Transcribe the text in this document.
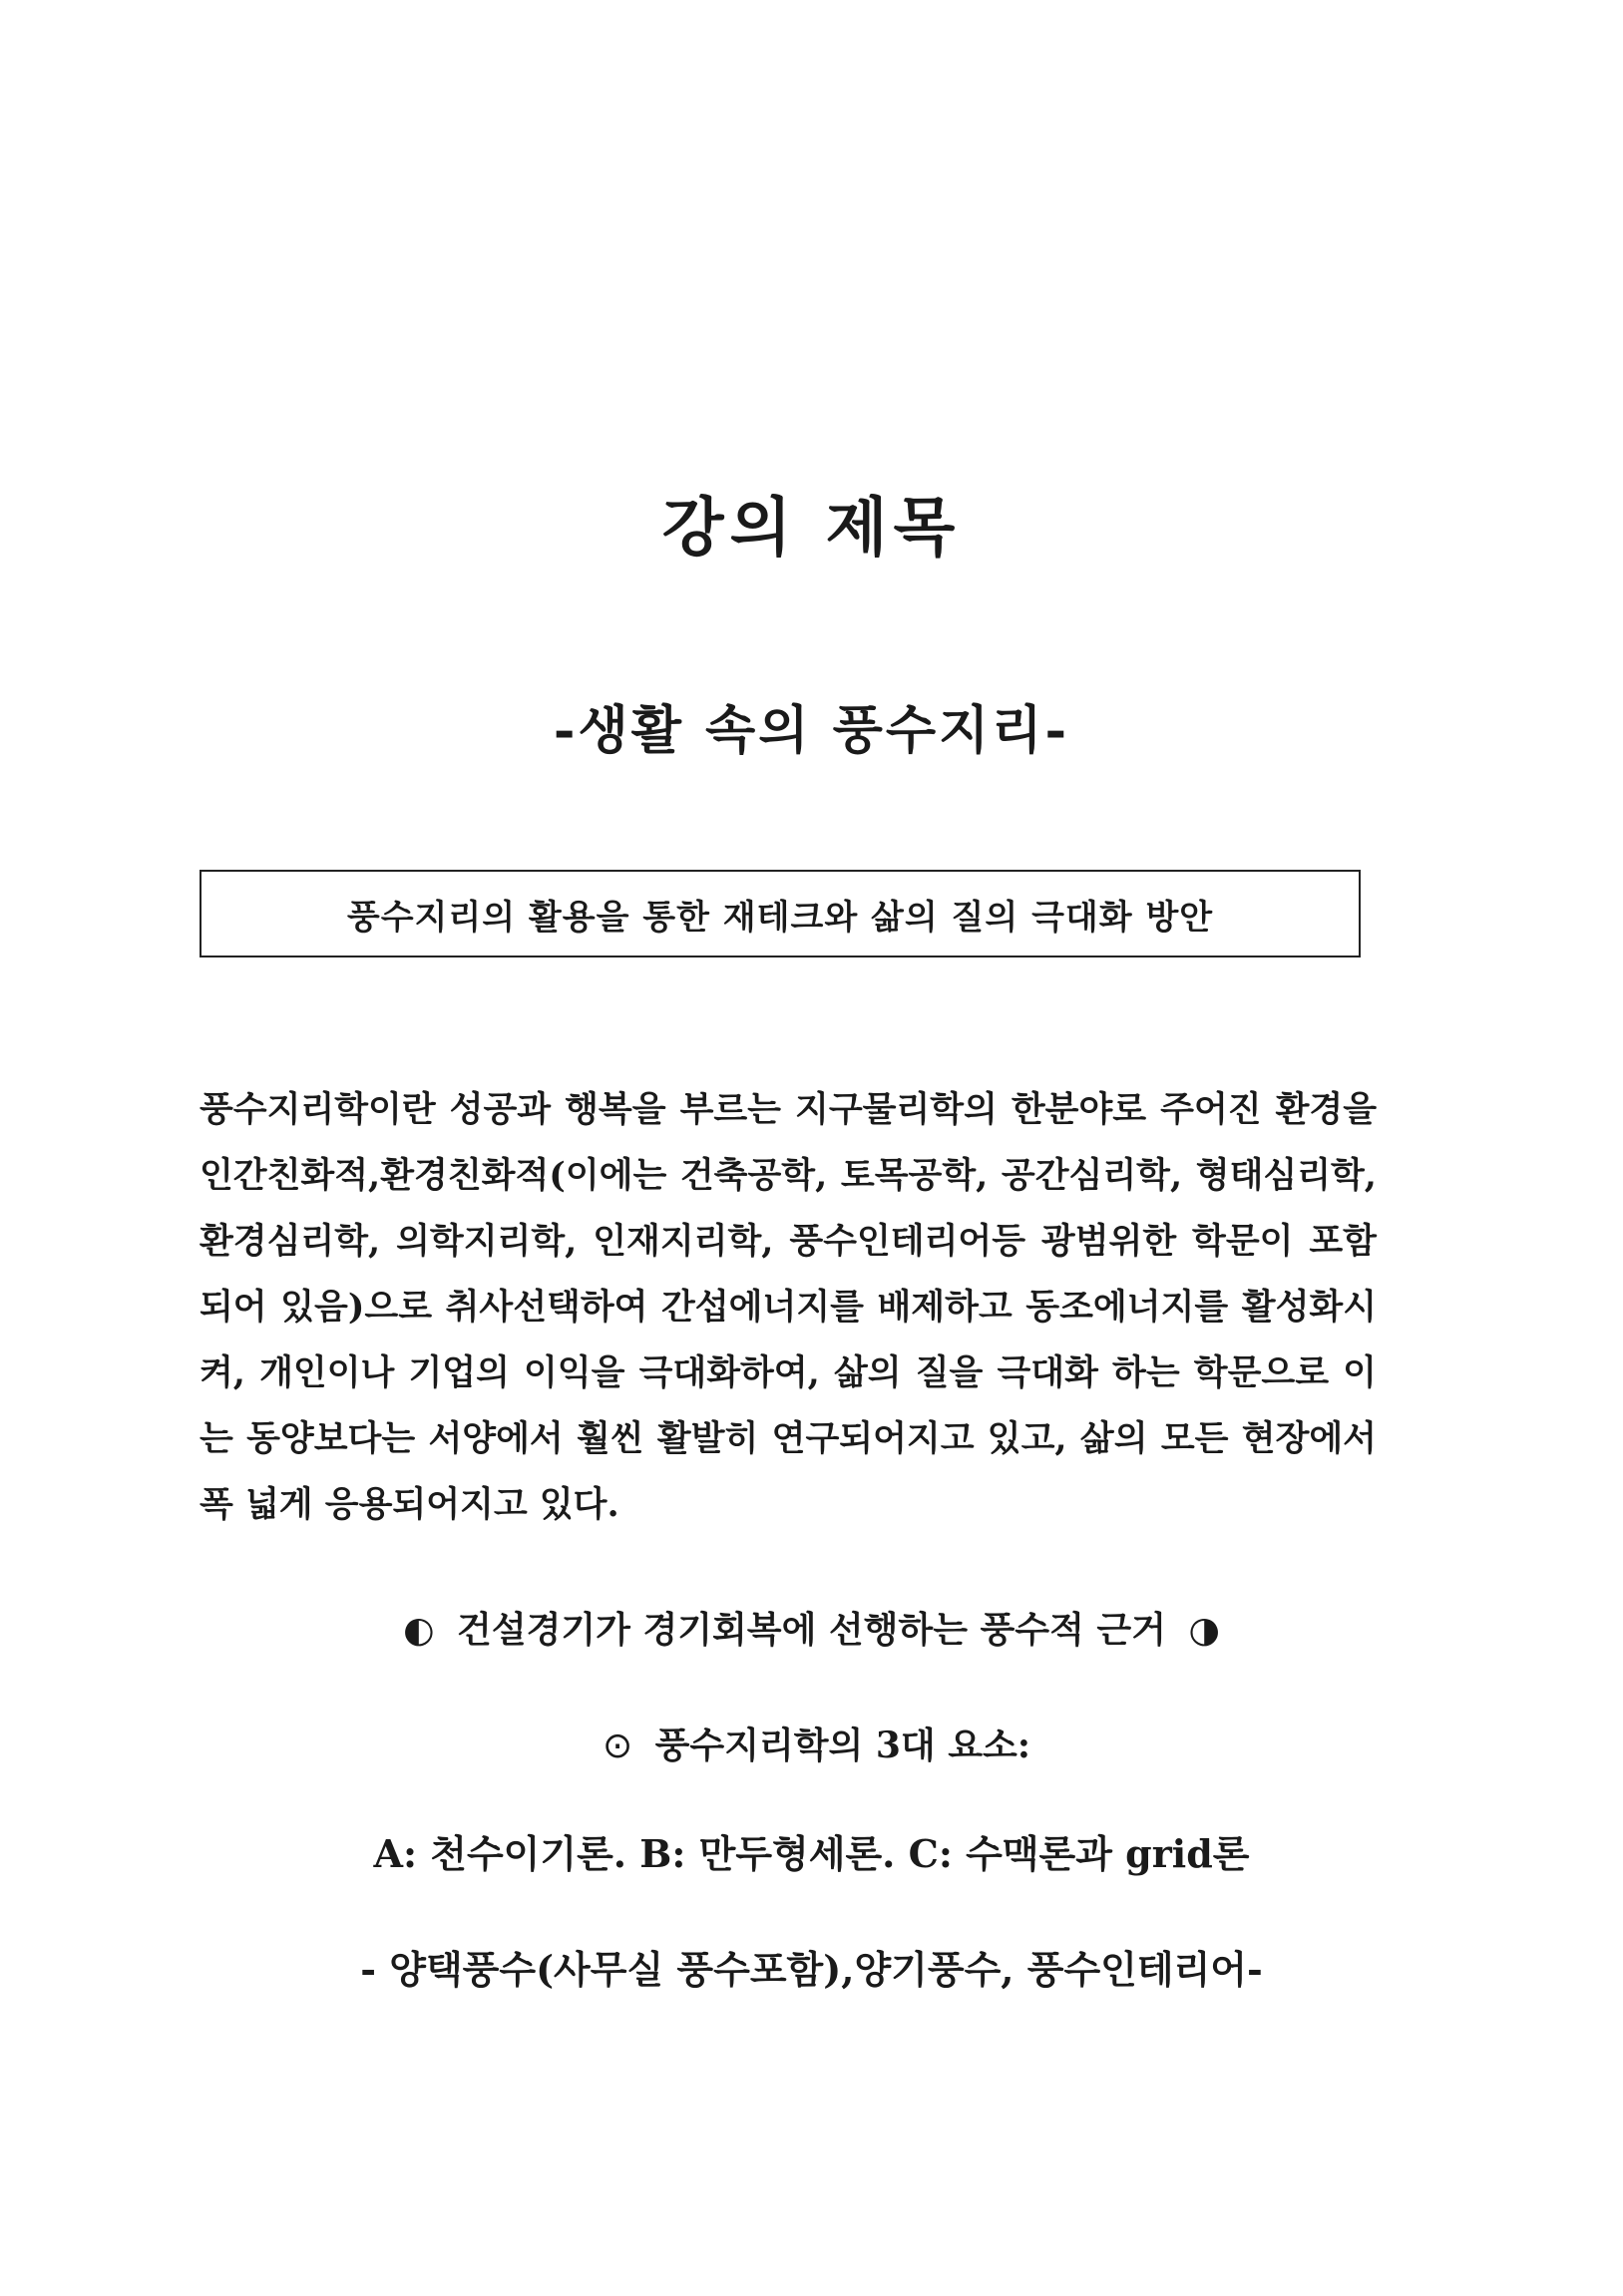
강의 제목
-생활 속의 풍수지리-
풍수지리의 활용을 통한 재테크와 삶의 질의 극대화 방안

풍수지리학이란 성공과 행복을 부르는 지구물리학의 한분야로 주어진 환경을 인간친화적,환경친화적(이에는 건축공학, 토목공학, 공간심리학, 형태심리학, 환경심리학, 의학지리학, 인재지리학, 풍수인테리어등 광범위한 학문이 포함되어 있음)으로 취사선택하여 간섭에너지를 배제하고 동조에너지를 활성화시켜, 개인이나 기업의 이익을 극대화하여, 삶의 질을 극대화 하는 학문으로 이는 동양보다는 서양에서 훨씬 활발히 연구되어지고 있고, 삶의 모든 현장에서 폭 넓게 응용되어지고 있다.

◐ 건설경기가 경기회복에 선행하는 풍수적 근거 ◑

⊙ 풍수지리학의 3대 요소:

A: 천수이기론. B: 만두형세론. C: 수맥론과 grid론

- 양택풍수(사무실 풍수포함),양기풍수, 풍수인테리어-
